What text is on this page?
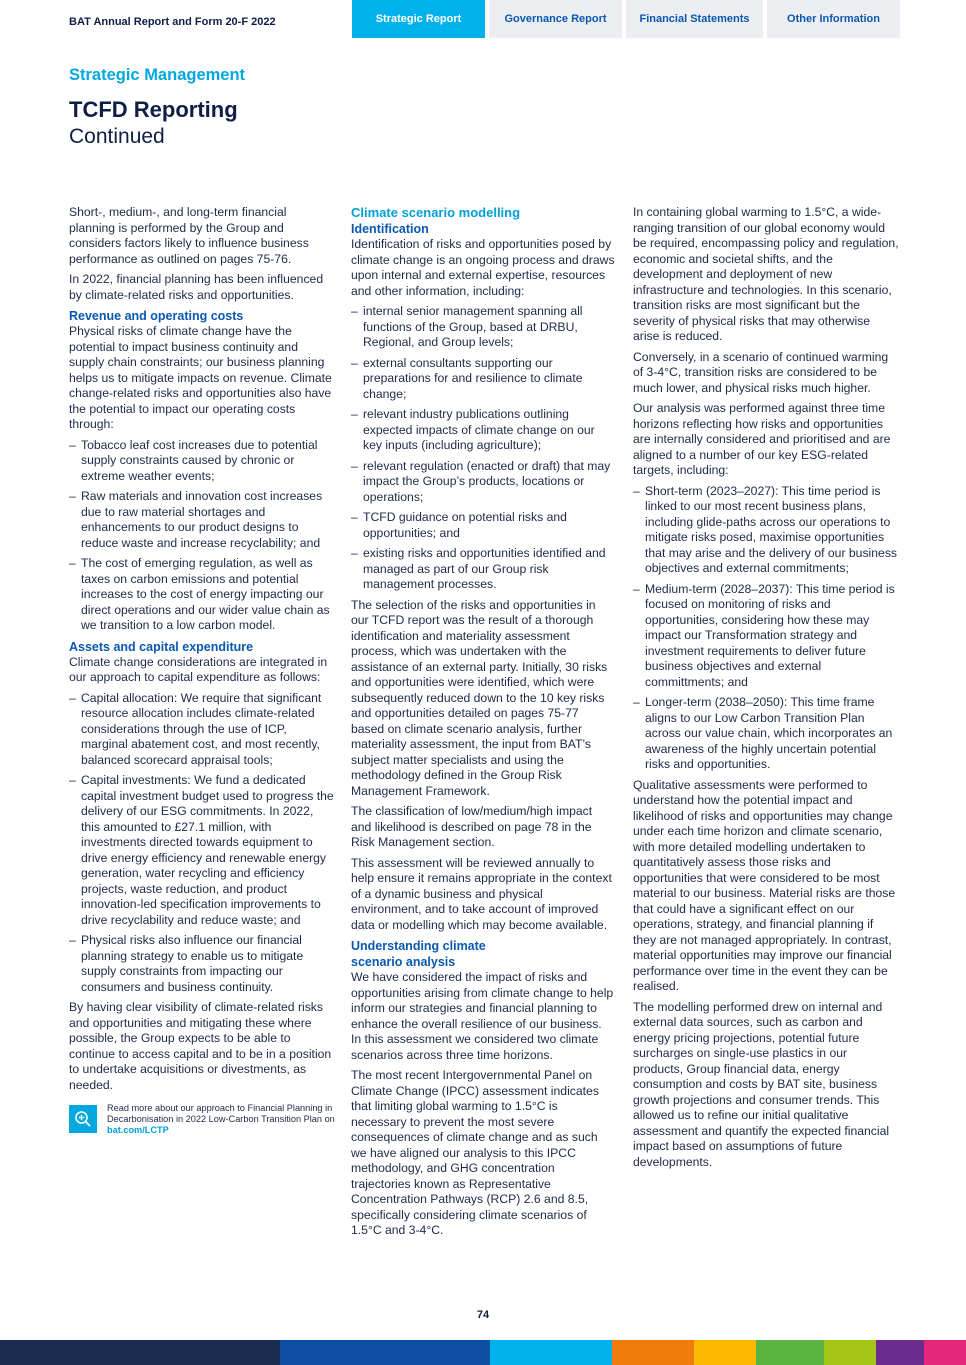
BAT Annual Report and Form 20-F 2022	Strategic Report	Governance Report	Financial Statements	Other Information
Strategic Management
TCFD Reporting
Continued

Short-, medium-, and long-term financial planning is performed by the Group and considers factors likely to influence business performance as outlined on pages 75-76.

In 2022, financial planning has been influenced by climate-related risks and opportunities.

Revenue and operating costs

Physical risks of climate change have the potential to impact business continuity and supply chain constraints; our business planning helps us to mitigate impacts on revenue. Climate change-related risks and opportunities also have the potential to impact our operating costs through:

– Tobacco leaf cost increases due to potential supply constraints caused by chronic or extreme weather events;
– Raw materials and innovation cost increases due to raw material shortages and enhancements to our product designs to reduce waste and increase recyclability; and
– The cost of emerging regulation, as well as taxes on carbon emissions and potential increases to the cost of energy impacting our direct operations and our wider value chain as we transition to a low carbon model.
Assets and capital expenditure

Climate change considerations are integrated in our approach to capital expenditure as follows:

– Capital allocation: We require that significant resource allocation includes climate-related considerations through the use of ICP, marginal abatement cost, and most recently, balanced scorecard appraisal tools;
– Capital investments: We fund a dedicated capital investment budget used to progress the delivery of our ESG commitments. In 2022, this amounted to £27.1 million, with investments directed towards equipment to drive energy efficiency and renewable energy generation, water recycling and efficiency projects, waste reduction, and product innovation-led specification improvements to drive recyclability and reduce waste; and
– Physical risks also influence our financial planning strategy to enable us to mitigate supply constraints from impacting our consumers and business continuity.

By having clear visibility of climate-related risks and opportunities and mitigating these where possible, the Group expects to be able to continue to access capital and to be in a position to undertake acquisitions or divestments, as needed.

Read more about our approach to Financial Planning in Decarbonisation in 2022 Low-Carbon Transition Plan on bat.com/LCTP
Climate scenario modelling
Identification

Identification of risks and opportunities posed by climate change is an ongoing process and draws upon internal and external expertise, resources and other information, including:

– internal senior management spanning all functions of the Group, based at DRBU, Regional, and Group levels;
– external consultants supporting our preparations for and resilience to climate change;
– relevant industry publications outlining expected impacts of climate change on our key inputs (including agriculture);
– relevant regulation (enacted or draft) that may impact the Group’s products, locations or operations;
– TCFD guidance on potential risks and opportunities; and
– existing risks and opportunities identified and managed as part of our Group risk management processes.

The selection of the risks and opportunities in our TCFD report was the result of a thorough identification and materiality assessment process, which was undertaken with the assistance of an external party. Initially, 30 risks and opportunities were identified, which were subsequently reduced down to the 10 key risks and opportunities detailed on pages 75-77 based on climate scenario analysis, further materiality assessment, the input from BAT’s subject matter specialists and using the methodology defined in the Group Risk Management Framework.

The classification of low/medium/high impact and likelihood is described on page 78 in the Risk Management section.

This assessment will be reviewed annually to help ensure it remains appropriate in the context of a dynamic business and physical environment, and to take account of improved data or modelling which may become available.

Understanding climate
scenario analysis

We have considered the impact of risks and opportunities arising from climate change to help inform our strategies and financial planning to enhance the overall resilience of our business. In this assessment we considered two climate scenarios across three time horizons.

The most recent Intergovernmental Panel on Climate Change (IPCC) assessment indicates that limiting global warming to 1.5°C is necessary to prevent the most severe consequences of climate change and as such we have aligned our analysis to this IPCC methodology, and GHG concentration trajectories known as Representative Concentration Pathways (RCP) 2.6 and 8.5, specifically considering climate scenarios of 1.5°C and 3-4°C.

In containing global warming to 1.5°C, a wide-ranging transition of our global economy would be required, encompassing policy and regulation, economic and societal shifts, and the development and deployment of new infrastructure and technologies. In this scenario, transition risks are most significant but the severity of physical risks that may otherwise arise is reduced.

Conversely, in a scenario of continued warming of 3-4°C, transition risks are considered to be much lower, and physical risks much higher.

Our analysis was performed against three time horizons reflecting how risks and opportunities are internally considered and prioritised and are aligned to a number of our key ESG-related targets, including:

– Short-term (2023–2027): This time period is linked to our most recent business plans, including glide-paths across our operations to mitigate risks posed, maximise opportunities that may arise and the delivery of our business objectives and external commitments;
– Medium-term (2028–2037): This time period is focused on monitoring of risks and opportunities, considering how these may impact our Transformation strategy and investment requirements to deliver future business objectives and external committments; and
– Longer-term (2038–2050): This time frame aligns to our Low Carbon Transition Plan across our value chain, which incorporates an awareness of the highly uncertain potential risks and opportunities.

Qualitative assessments were performed to understand how the potential impact and likelihood of risks and opportunities may change under each time horizon and climate scenario, with more detailed modelling undertaken to quantitatively assess those risks and opportunities that were considered to be most material to our business. Material risks are those that could have a significant effect on our operations, strategy, and financial planning if they are not managed appropriately. In contrast, material opportunities may improve our financial performance over time in the event they can be realised.

The modelling performed drew on internal and external data sources, such as carbon and energy pricing projections, potential future surcharges on single-use plastics in our products, Group financial data, energy consumption and costs by BAT site, business growth projections and consumer trends. This allowed us to refine our initial qualitative assessment and quantify the expected financial impact based on assumptions of future developments.

74
